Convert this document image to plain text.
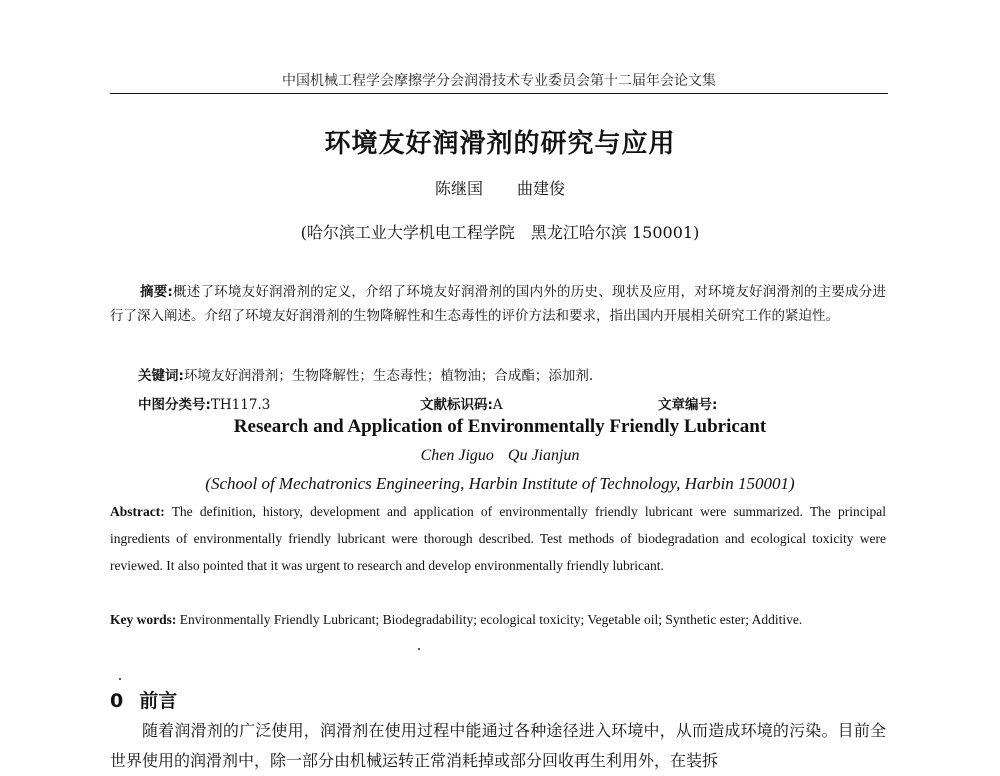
中国机械工程学会摩擦学分会润滑技术专业委员会第十二届年会论文集
环境友好润滑剂的研究与应用
陈继国 曲建俊
(哈尔滨工业大学机电工程学院　黑龙江哈尔滨 150001)
摘要:概述了环境友好润滑剂的定义，介绍了环境友好润滑剂的国内外的历史、现状及应用，对环境友好润滑剂的主要成分进行了深入阐述。介绍了环境友好润滑剂的生物降解性和生态毒性的评价方法和要求，指出国内开展相关研究工作的紧迫性。
关键词:环境友好润滑剂；生物降解性；生态毒性；植物油；合成酯；添加剂.
中图分类号:TH117.3	文献标识码:A	文章编号:
Research and Application of Environmentally Friendly Lubricant
Chen Jiguo Qu Jianjun
(School of Mechatronics Engineering, Harbin Institute of Technology, Harbin 150001)
Abstract: The definition, history, development and application of environmentally friendly lubricant were summarized. The principal ingredients of environmentally friendly lubricant were thorough described. Test methods of biodegradation and ecological toxicity were reviewed. It also pointed that it was urgent to research and develop environmentally friendly lubricant.
Key words: Environmentally Friendly Lubricant; Biodegradability; ecological toxicity; Vegetable oil; Synthetic ester; Additive.
0 前言
随着润滑剂的广泛使用，润滑剂在使用过程中能通过各种途径进入环境中，从而造成环境的污染。目前全世界使用的润滑剂中，除一部分由机械运转正常消耗掉或部分回收再生利用外，在装拆
